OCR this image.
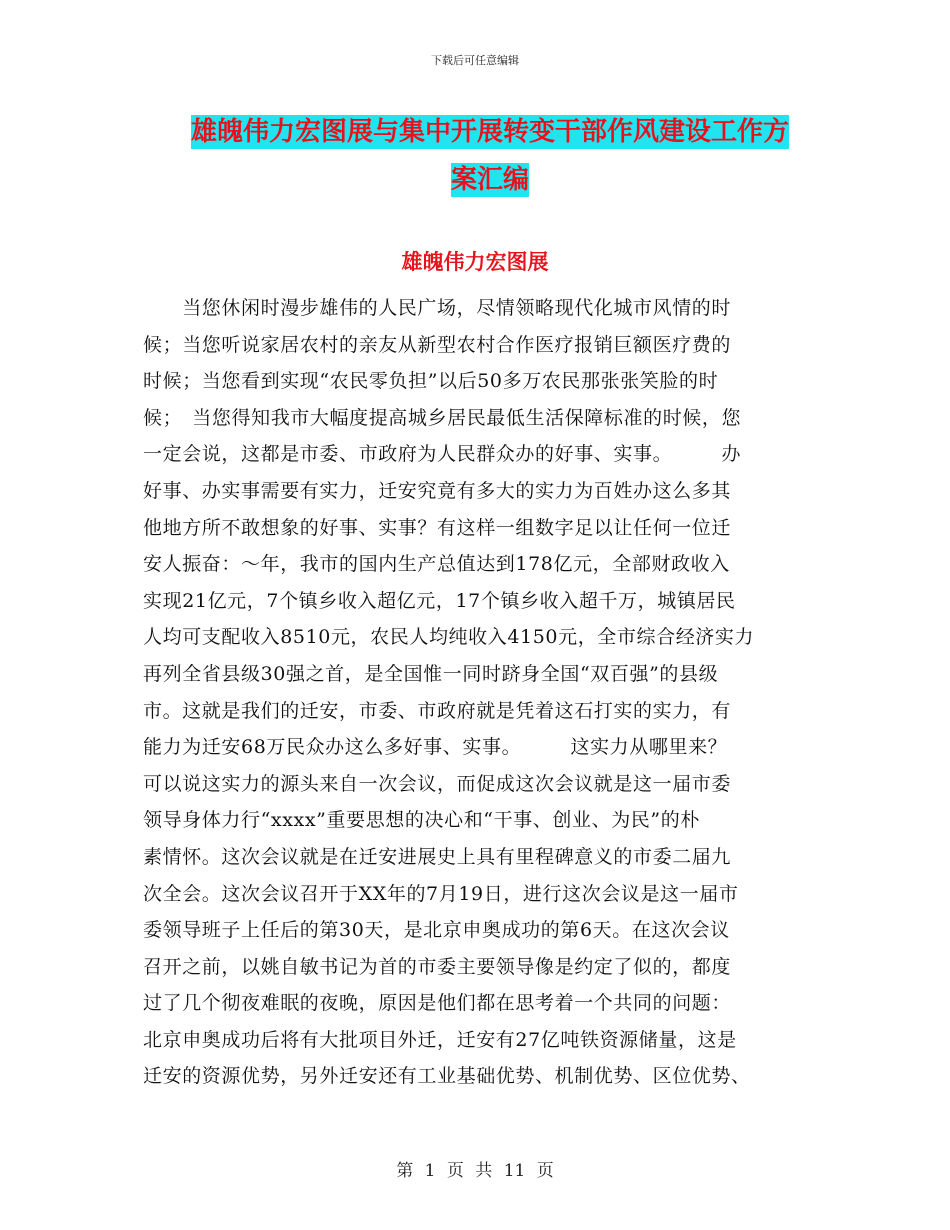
下载后可任意编辑
雄魄伟力宏图展与集中开展转变干部作风建设工作方
案汇编
雄魄伟力宏图展
　　当您休闲时漫步雄伟的人民广场，尽情领略现代化城市风情的时
候；当您听说家居农村的亲友从新型农村合作医疗报销巨额医疗费的
时候；当您看到实现“农民零负担”以后50多万农民那张张笑脸的时
候；　当您得知我市大幅度提高城乡居民最低生活保障标准的时候，您
一定会说，这都是市委、市政府为人民群众办的好事、实事。　　　办
好事、办实事需要有实力，迁安究竟有多大的实力为百姓办这么多其
他地方所不敢想象的好事、实事？有这样一组数字足以让任何一位迁
安人振奋：～年，我市的国内生产总值达到178亿元，全部财政收入
实现21亿元，7个镇乡收入超亿元，17个镇乡收入超千万，城镇居民
人均可支配收入8510元，农民人均纯收入4150元，全市综合经济实力
再列全省县级30强之首，是全国惟一同时跻身全国“双百强”的县级
市。这就是我们的迁安，市委、市政府就是凭着这石打实的实力，有
能力为迁安68万民众办这么多好事、实事。　　　这实力从哪里来？
可以说这实力的源头来自一次会议，而促成这次会议就是这一届市委
领导身体力行“xxxx”重要思想的决心和“干事、创业、为民”的朴
素情怀。这次会议就是在迁安进展史上具有里程碑意义的市委二届九
次全会。这次会议召开于XX年的7月19日，进行这次会议是这一届市
委领导班子上任后的第30天，是北京申奥成功的第6天。在这次会议
召开之前，以姚自敏书记为首的市委主要领导像是约定了似的，都度
过了几个彻夜难眠的夜晚，原因是他们都在思考着一个共同的问题：
北京申奥成功后将有大批项目外迁，迁安有27亿吨铁资源储量，这是
迁安的资源优势，另外迁安还有工业基础优势、机制优势、区位优势、
第 1 页 共 11 页
